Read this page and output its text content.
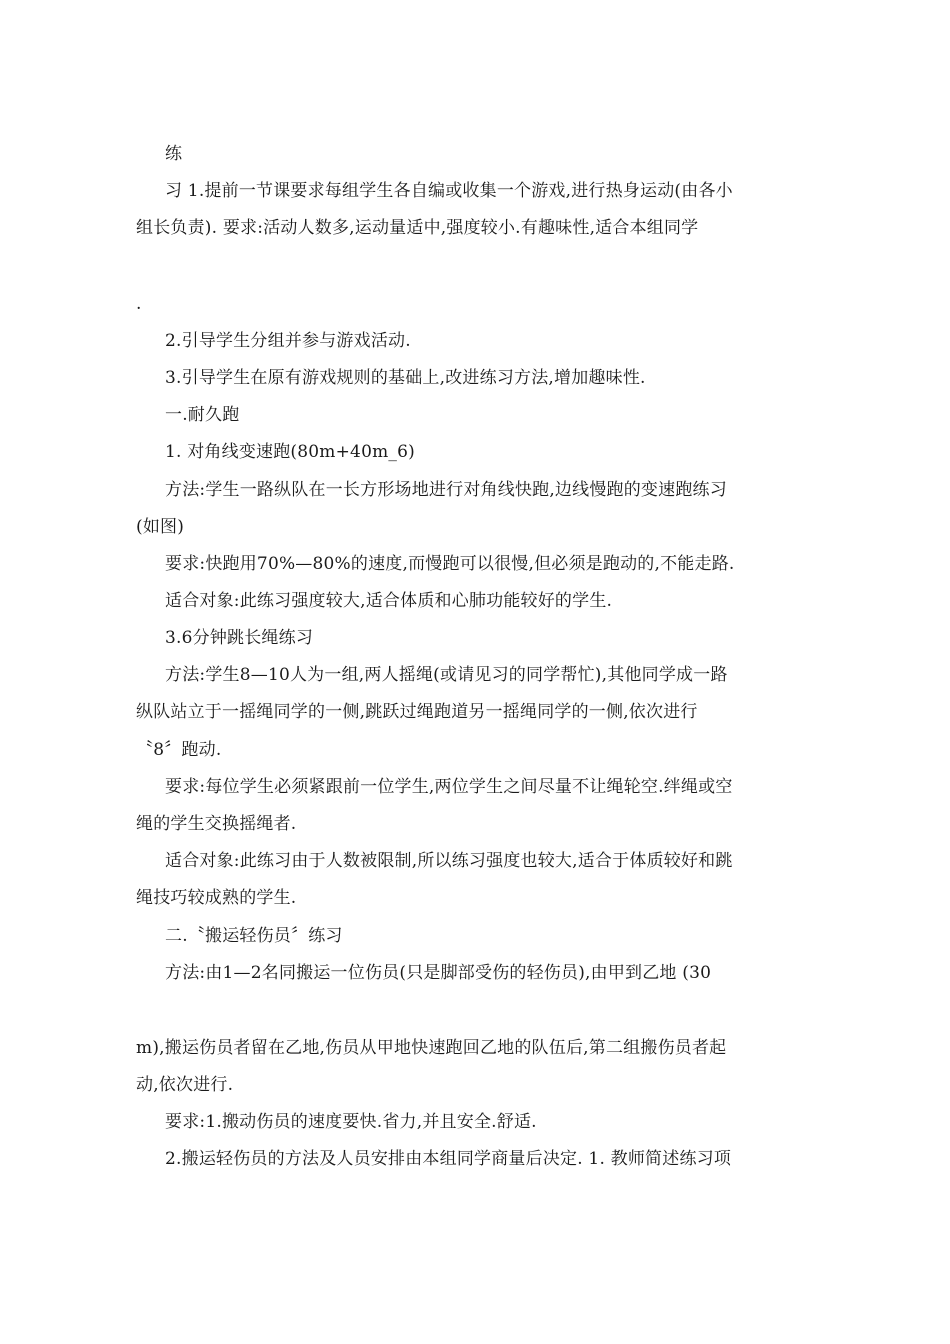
练
习 1.提前一节课要求每组学生各自编或收集一个游戏,进行热身运动(由各小
组长负责). 要求:活动人数多,运动量适中,强度较小.有趣味性,适合本组同学
.
2.引导学生分组并参与游戏活动.
3.引导学生在原有游戏规则的基础上,改进练习方法,增加趣味性.
一.耐久跑
1. 对角线变速跑(80m+40m_6)
方法:学生一路纵队在一长方形场地进行对角线快跑,边线慢跑的变速跑练习
(如图)
要求:快跑用70%—80%的速度,而慢跑可以很慢,但必须是跑动的,不能走路.
适合对象:此练习强度较大,适合体质和心肺功能较好的学生.
3.6分钟跳长绳练习
方法:学生8—10人为一组,两人摇绳(或请见习的同学帮忙),其他同学成一路
纵队站立于一摇绳同学的一侧,跳跃过绳跑道另一摇绳同学的一侧,依次进行
〝8〞跑动.
要求:每位学生必须紧跟前一位学生,两位学生之间尽量不让绳轮空.绊绳或空
绳的学生交换摇绳者.
适合对象:此练习由于人数被限制,所以练习强度也较大,适合于体质较好和跳
绳技巧较成熟的学生.
二.〝搬运轻伤员〞练习
方法:由1—2名同搬运一位伤员(只是脚部受伤的轻伤员),由甲到乙地 (30
m),搬运伤员者留在乙地,伤员从甲地快速跑回乙地的队伍后,第二组搬伤员者起
动,依次进行.
要求:1.搬动伤员的速度要快.省力,并且安全.舒适.
2.搬运轻伤员的方法及人员安排由本组同学商量后决定. 1. 教师简述练习项
